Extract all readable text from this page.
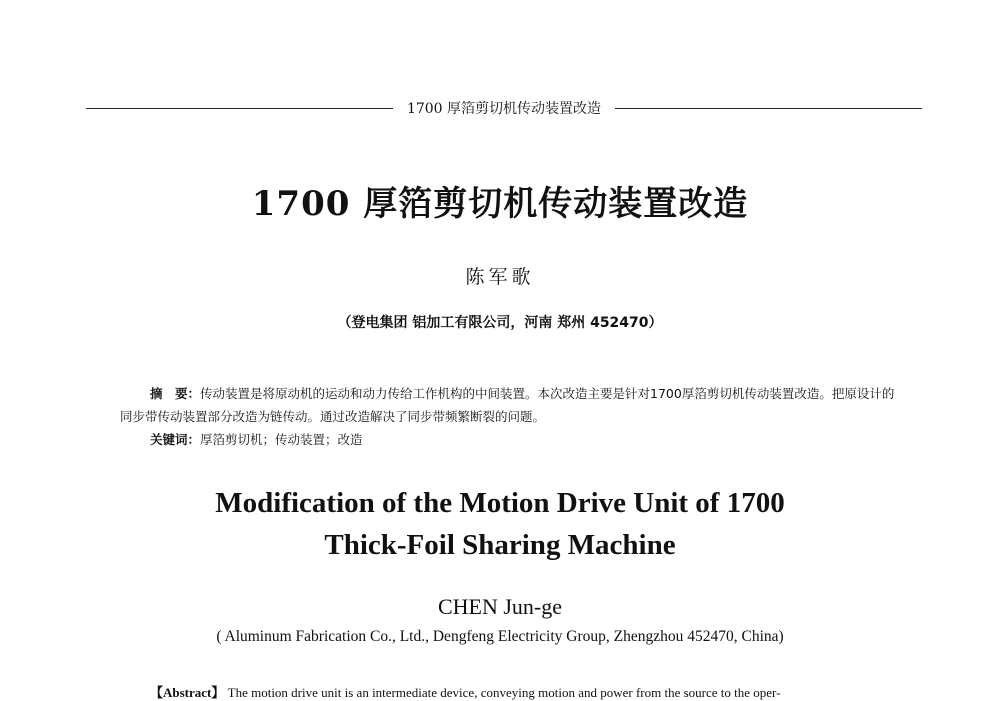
1700 厚箔剪切机传动装置改造
1700 厚箔剪切机传动装置改造
陈军歌
（登电集团 铝加工有限公司，河南 郑州 452470）

摘　要：传动装置是将原动机的运动和动力传给工作机构的中间装置。本次改造主要是针对1700厚箔剪切机传动装置改造。把原设计的同步带传动装置部分改造为链传动。通过改造解决了同步带频繁断裂的问题。

关键词：厚箔剪切机；传动装置；改造

Modification of the Motion Drive Unit of 1700
Thick-Foil Sharing Machine
CHEN Jun-ge
( Aluminum Fabrication Co., Ltd., Dengfeng Electricity Group, Zhengzhou 452470, China)

【Abstract】 The motion drive unit is an intermediate device, conveying motion and power from the source to the oper-
